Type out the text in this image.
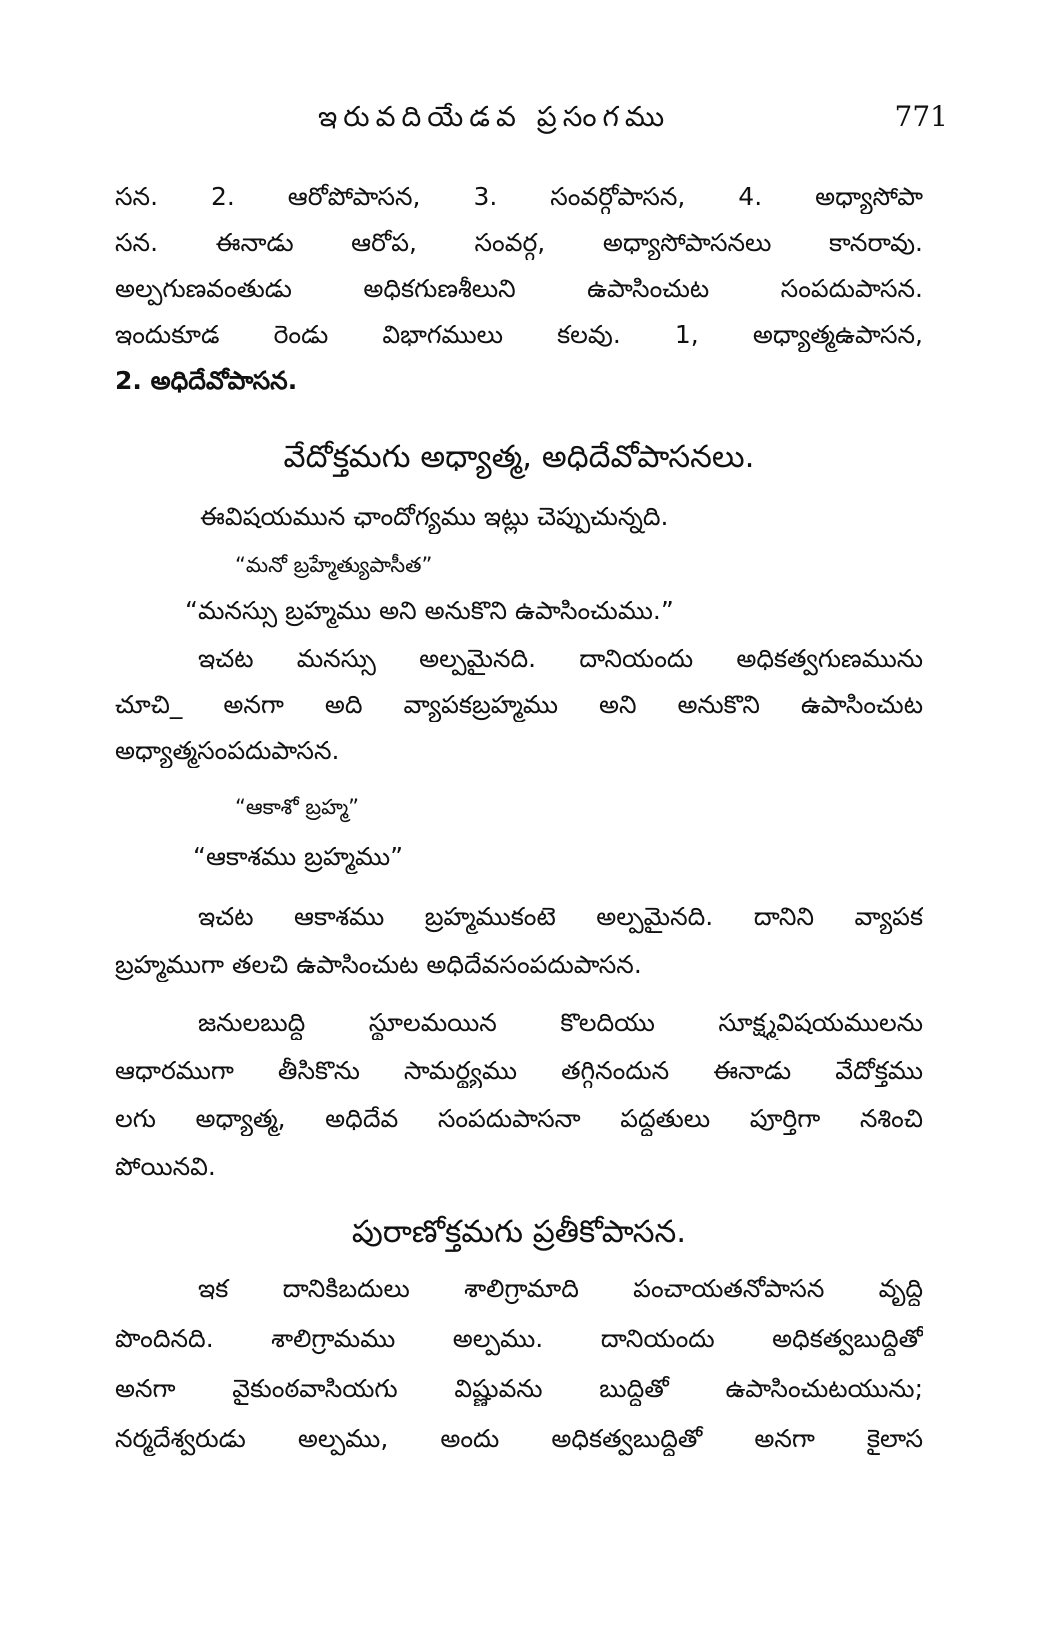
ఇరువదియేడవ ప్రసంగము	771
సన. 2. ఆరోపోపాసన, 3. సంవర్గోపాసన, 4. అధ్యాసోపా
సన. ఈనాడు ఆరోప, సంవర్గ, అధ్యాసోపాసనలు కానరావు.
అల్పగుణవంతుడు అధికగుణశీలుని ఉపాసించుట సంపదుపాసన.
ఇందుకూడ రెండు విభాగములు కలవు. 1, అధ్యాత్మఉపాసన,
2. అధిదేవోపాసన.
వేదోక్తమగు అధ్యాత్మ, అధిదేవోపాసనలు.
ఈవిషయమున ఛాందోగ్యము ఇట్లు చెప్పుచున్నది.
“మనో బ్రహ్మేత్యుపాసీత”
“మనస్సు బ్రహ్మము అని అనుకొని ఉపాసించుము.”
ఇచట మనస్సు అల్పమైనది. దానియందు అధికత్వగుణమును
చూచి_ అనగా అది వ్యాపకబ్రహ్మము అని అనుకొని ఉపాసించుట
అధ్యాత్మసంపదుపాసన.
“ఆకాశో బ్రహ్మ”
“ఆకాశము బ్రహ్మము”
ఇచట ఆకాశము బ్రహ్మముకంటె అల్పమైనది. దానిని వ్యాపక
బ్రహ్మముగా తలచి ఉపాసించుట అధిదేవసంపదుపాసన.
జనులబుద్ధి స్థూలమయిన కొలదియు సూక్ష్మవిషయములను
ఆధారముగా తీసికొను సామర్థ్యము తగ్గినందున ఈనాడు వేదోక్తము
లగు అధ్యాత్మ, అధిదేవ సంపదుపాసనా పద్ధతులు పూర్తిగా నశించి
పోయినవి.
పురాణోక్తమగు ప్రతీకోపాసన.
ఇక దానికిబదులు శాలిగ్రామాది పంచాయతనోపాసన వృద్ధి
పొందినది. శాలిగ్రామము అల్పము. దానియందు అధికత్వబుద్ధితో
అనగా వైకుంఠవాసియగు విష్ణువను బుద్ధితో ఉపాసించుటయును;
నర్మదేశ్వరుడు అల్పము, అందు అధికత్వబుద్ధితో అనగా కైలాస
